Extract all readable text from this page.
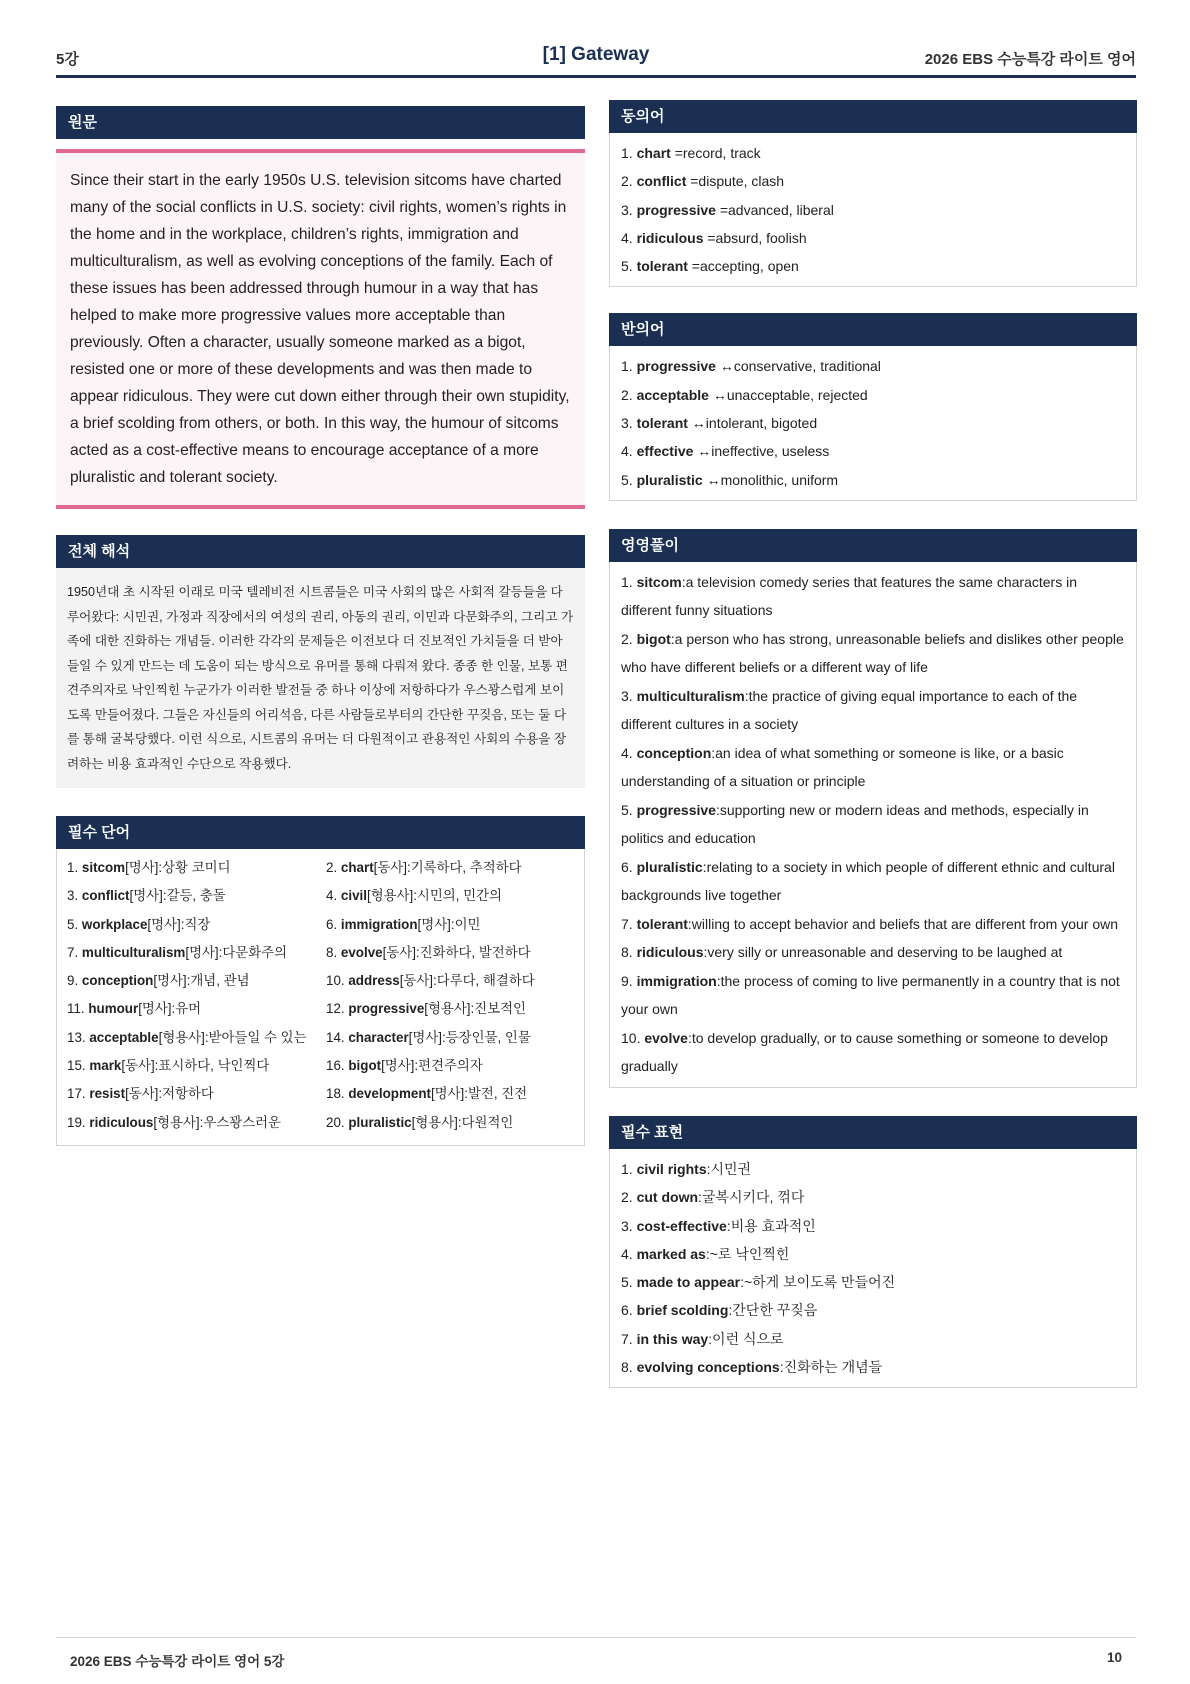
5강	[1] Gateway	2026 EBS 수능특강 라이트 영어
원문
Since their start in the early 1950s U.S. television sitcoms have charted many of the social conflicts in U.S. society: civil rights, women’s rights in the home and in the workplace, children’s rights, immigration and multiculturalism, as well as evolving conceptions of the family. Each of these issues has been addressed through humour in a way that has helped to make more progressive values more acceptable than previously. Often a character, usually someone marked as a bigot, resisted one or more of these developments and was then made to appear ridiculous. They were cut down either through their own stupidity, a brief scolding from others, or both. In this way, the humour of sitcoms acted as a cost-effective means to encourage acceptance of a more pluralistic and tolerant society.
전체 해석
1950년대 초 시작된 이래로 미국 텔레비전 시트콤들은 미국 사회의 많은 사회적 갈등들을 다루어왔다: 시민권, 가정과 직장에서의 여성의 권리, 아동의 권리, 이민과 다문화주의, 그리고 가족에 대한 진화하는 개념들. 이러한 각각의 문제들은 이전보다 더 진보적인 가치들을 더 받아들일 수 있게 만드는 데 도움이 되는 방식으로 유머를 통해 다뤄져 왔다. 종종 한 인물, 보통 편견주의자로 낙인찍힌 누군가가 이러한 발전들 중 하나 이상에 저항하다가 우스꽝스럽게 보이도록 만들어졌다. 그들은 자신들의 어리석음, 다른 사람들로부터의 간단한 꾸짖음, 또는 둘 다를 통해 굴복당했다. 이런 식으로, 시트콤의 유머는 더 다원적이고 관용적인 사회의 수용을 장려하는 비용 효과적인 수단으로 작용했다.
필수 단어
1. sitcom[명사]:상황 코미디	2. chart[동사]:기록하다, 추적하다
3. conflict[명사]:갈등, 충돌	4. civil[형용사]:시민의, 민간의
5. workplace[명사]:직장	6. immigration[명사]:이민
7. multiculturalism[명사]:다문화주의	8. evolve[동사]:진화하다, 발전하다
9. conception[명사]:개념, 관념	10. address[동사]:다루다, 해결하다
11. humour[명사]:유머	12. progressive[형용사]:진보적인
13. acceptable[형용사]:받아들일 수 있는	14. character[명사]:등장인물, 인물
15. mark[동사]:표시하다, 낙인찍다	16. bigot[명사]:편견주의자
17. resist[동사]:저항하다	18. development[명사]:발전, 진전
19. ridiculous[형용사]:우스꽝스러운	20. pluralistic[형용사]:다원적인
동의어
1. chart =record, track
2. conflict =dispute, clash
3. progressive =advanced, liberal
4. ridiculous =absurd, foolish
5. tolerant =accepting, open
반의어
1. progressive ↔conservative, traditional
2. acceptable ↔unacceptable, rejected
3. tolerant ↔intolerant, bigoted
4. effective ↔ineffective, useless
5. pluralistic ↔monolithic, uniform
영영풀이
1. sitcom:a television comedy series that features the same characters in different funny situations
2. bigot:a person who has strong, unreasonable beliefs and dislikes other people who have different beliefs or a different way of life
3. multiculturalism:the practice of giving equal importance to each of the different cultures in a society
4. conception:an idea of what something or someone is like, or a basic understanding of a situation or principle
5. progressive:supporting new or modern ideas and methods, especially in politics and education
6. pluralistic:relating to a society in which people of different ethnic and cultural backgrounds live together
7. tolerant:willing to accept behavior and beliefs that are different from your own
8. ridiculous:very silly or unreasonable and deserving to be laughed at
9. immigration:the process of coming to live permanently in a country that is not your own
10. evolve:to develop gradually, or to cause something or someone to develop gradually
필수 표현
1. civil rights:시민권
2. cut down:굴복시키다, 꺾다
3. cost-effective:비용 효과적인
4. marked as:~로 낙인찍힌
5. made to appear:~하게 보이도록 만들어진
6. brief scolding:간단한 꾸짖음
7. in this way:이런 식으로
8. evolving conceptions:진화하는 개념들
2026 EBS 수능특강 라이트 영어 5강	10
